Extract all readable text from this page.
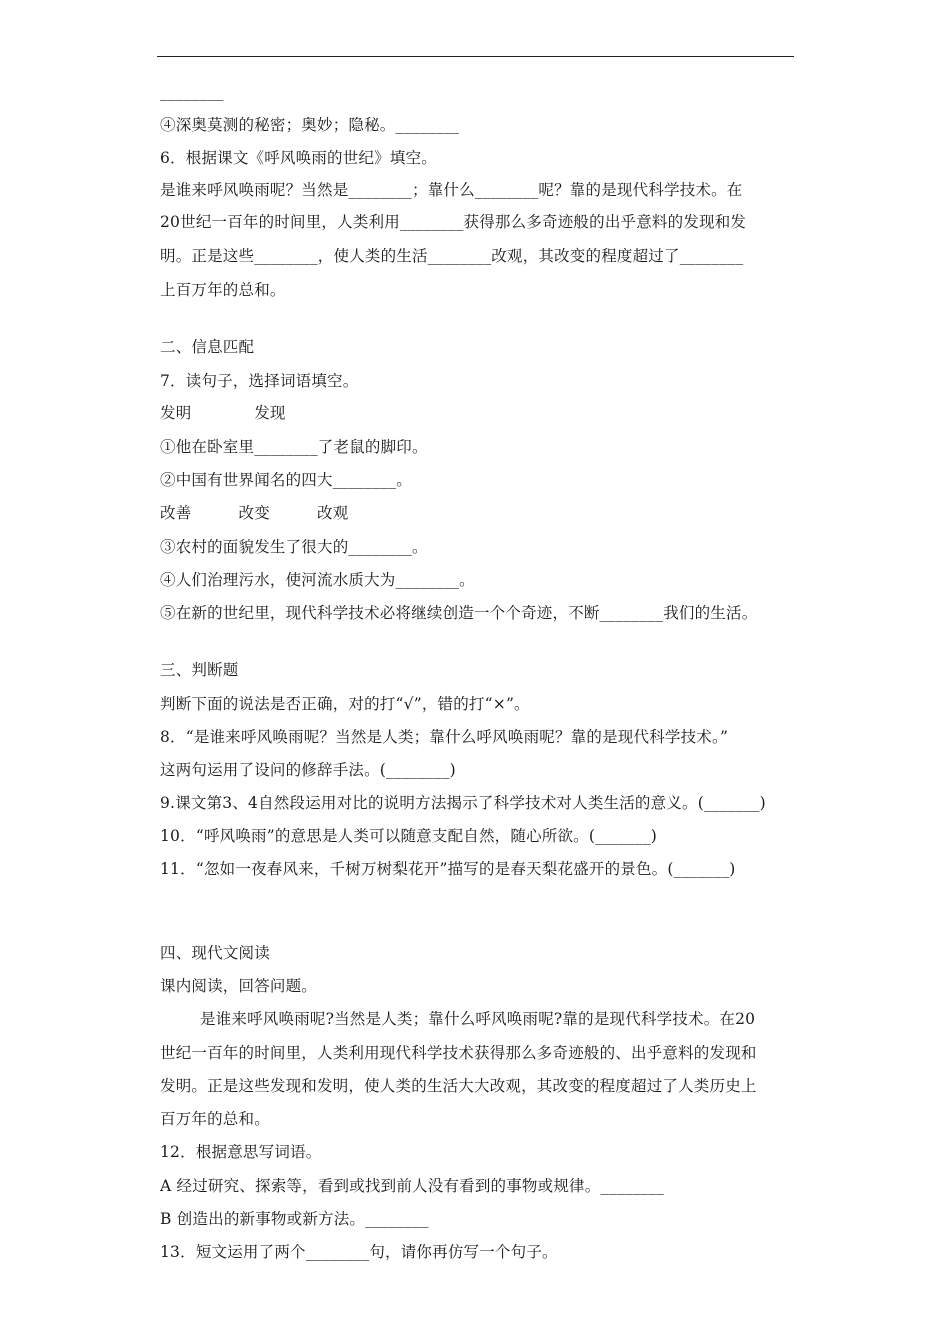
________
④深奥莫测的秘密；奥妙；隐秘。________
6．根据课文《呼风唤雨的世纪》填空。
是谁来呼风唤雨呢？当然是________；靠什么________呢？靠的是现代科学技术。在
20世纪一百年的时间里，人类利用________获得那么多奇迹般的出乎意料的发现和发
明。正是这些________，使人类的生活________改观，其改变的程度超过了________
上百万年的总和。
二、信息匹配
7．读句子，选择词语填空。
发明　　　　发现
①他在卧室里________了老鼠的脚印。
②中国有世界闻名的四大________。
改善　　　改变　　　改观
③农村的面貌发生了很大的________。
④人们治理污水，使河流水质大为________。
⑤在新的世纪里，现代科学技术必将继续创造一个个奇迹，不断________我们的生活。
三、判断题
判断下面的说法是否正确，对的打“√”，错的打“×”。
8．“是谁来呼风唤雨呢？当然是人类；靠什么呼风唤雨呢？靠的是现代科学技术。”
这两句运用了设问的修辞手法。(________)
9.课文第3、4自然段运用对比的说明方法揭示了科学技术对人类生活的意义。(_______)
10．“呼风唤雨”的意思是人类可以随意支配自然，随心所欲。(_______)
11．“忽如一夜春风来，千树万树梨花开”描写的是春天梨花盛开的景色。(_______)
四、现代文阅读
课内阅读，回答问题。
是谁来呼风唤雨呢?当然是人类；靠什么呼风唤雨呢?靠的是现代科学技术。在20
世纪一百年的时间里，人类利用现代科学技术获得那么多奇迹般的、出乎意料的发现和
发明。正是这些发现和发明，使人类的生活大大改观，其改变的程度超过了人类历史上
百万年的总和。
12．根据意思写词语。
A 经过研究、探索等，看到或找到前人没有看到的事物或规律。________
B 创造出的新事物或新方法。________
13．短文运用了两个________句，请你再仿写一个句子。
